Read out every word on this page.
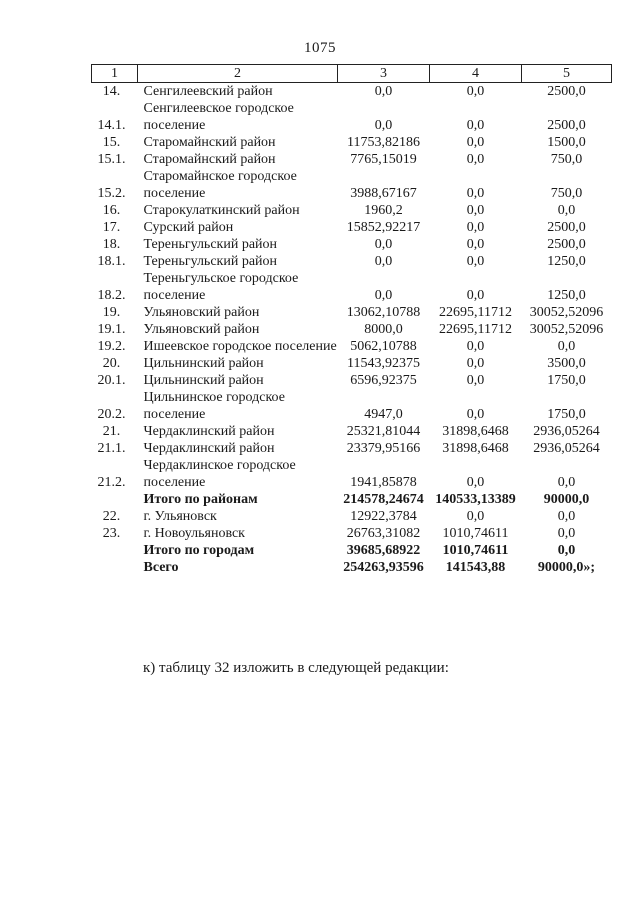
1075
1	2	3	4	5
14.	Сенгилеевский район	0,0	0,0	2500,0
14.1.	Сенгилеевское городское поселение	0,0	0,0	2500,0
15.	Старомайнский район	11753,82186	0,0	1500,0
15.1.	Старомайнский район	7765,15019	0,0	750,0
15.2.	Старомайнское городское поселение	3988,67167	0,0	750,0
16.	Старокулаткинский район	1960,2	0,0	0,0
17.	Сурский район	15852,92217	0,0	2500,0
18.	Тереньгульский район	0,0	0,0	2500,0
18.1.	Тереньгульский район	0,0	0,0	1250,0
18.2.	Тереньгульское городское поселение	0,0	0,0	1250,0
19.	Ульяновский район	13062,10788	22695,11712	30052,52096
19.1.	Ульяновский район	8000,0	22695,11712	30052,52096
19.2.	Ишеевское городское поселение	5062,10788	0,0	0,0
20.	Цильнинский район	11543,92375	0,0	3500,0
20.1.	Цильнинский район	6596,92375	0,0	1750,0
20.2.	Цильнинское городское поселение	4947,0	0,0	1750,0
21.	Чердаклинский район	25321,81044	31898,6468	2936,05264
21.1.	Чердаклинский район	23379,95166	31898,6468	2936,05264
21.2.	Чердаклинское городское поселение	1941,85878	0,0	0,0
	Итого по районам	214578,24674	140533,13389	90000,0
22.	г. Ульяновск	12922,3784	0,0	0,0
23.	г. Новоульяновск	26763,31082	1010,74611	0,0
	Итого по городам	39685,68922	1010,74611	0,0
	Всего	254263,93596	141543,88	90000,0»;
к) таблицу 32 изложить в следующей редакции:
